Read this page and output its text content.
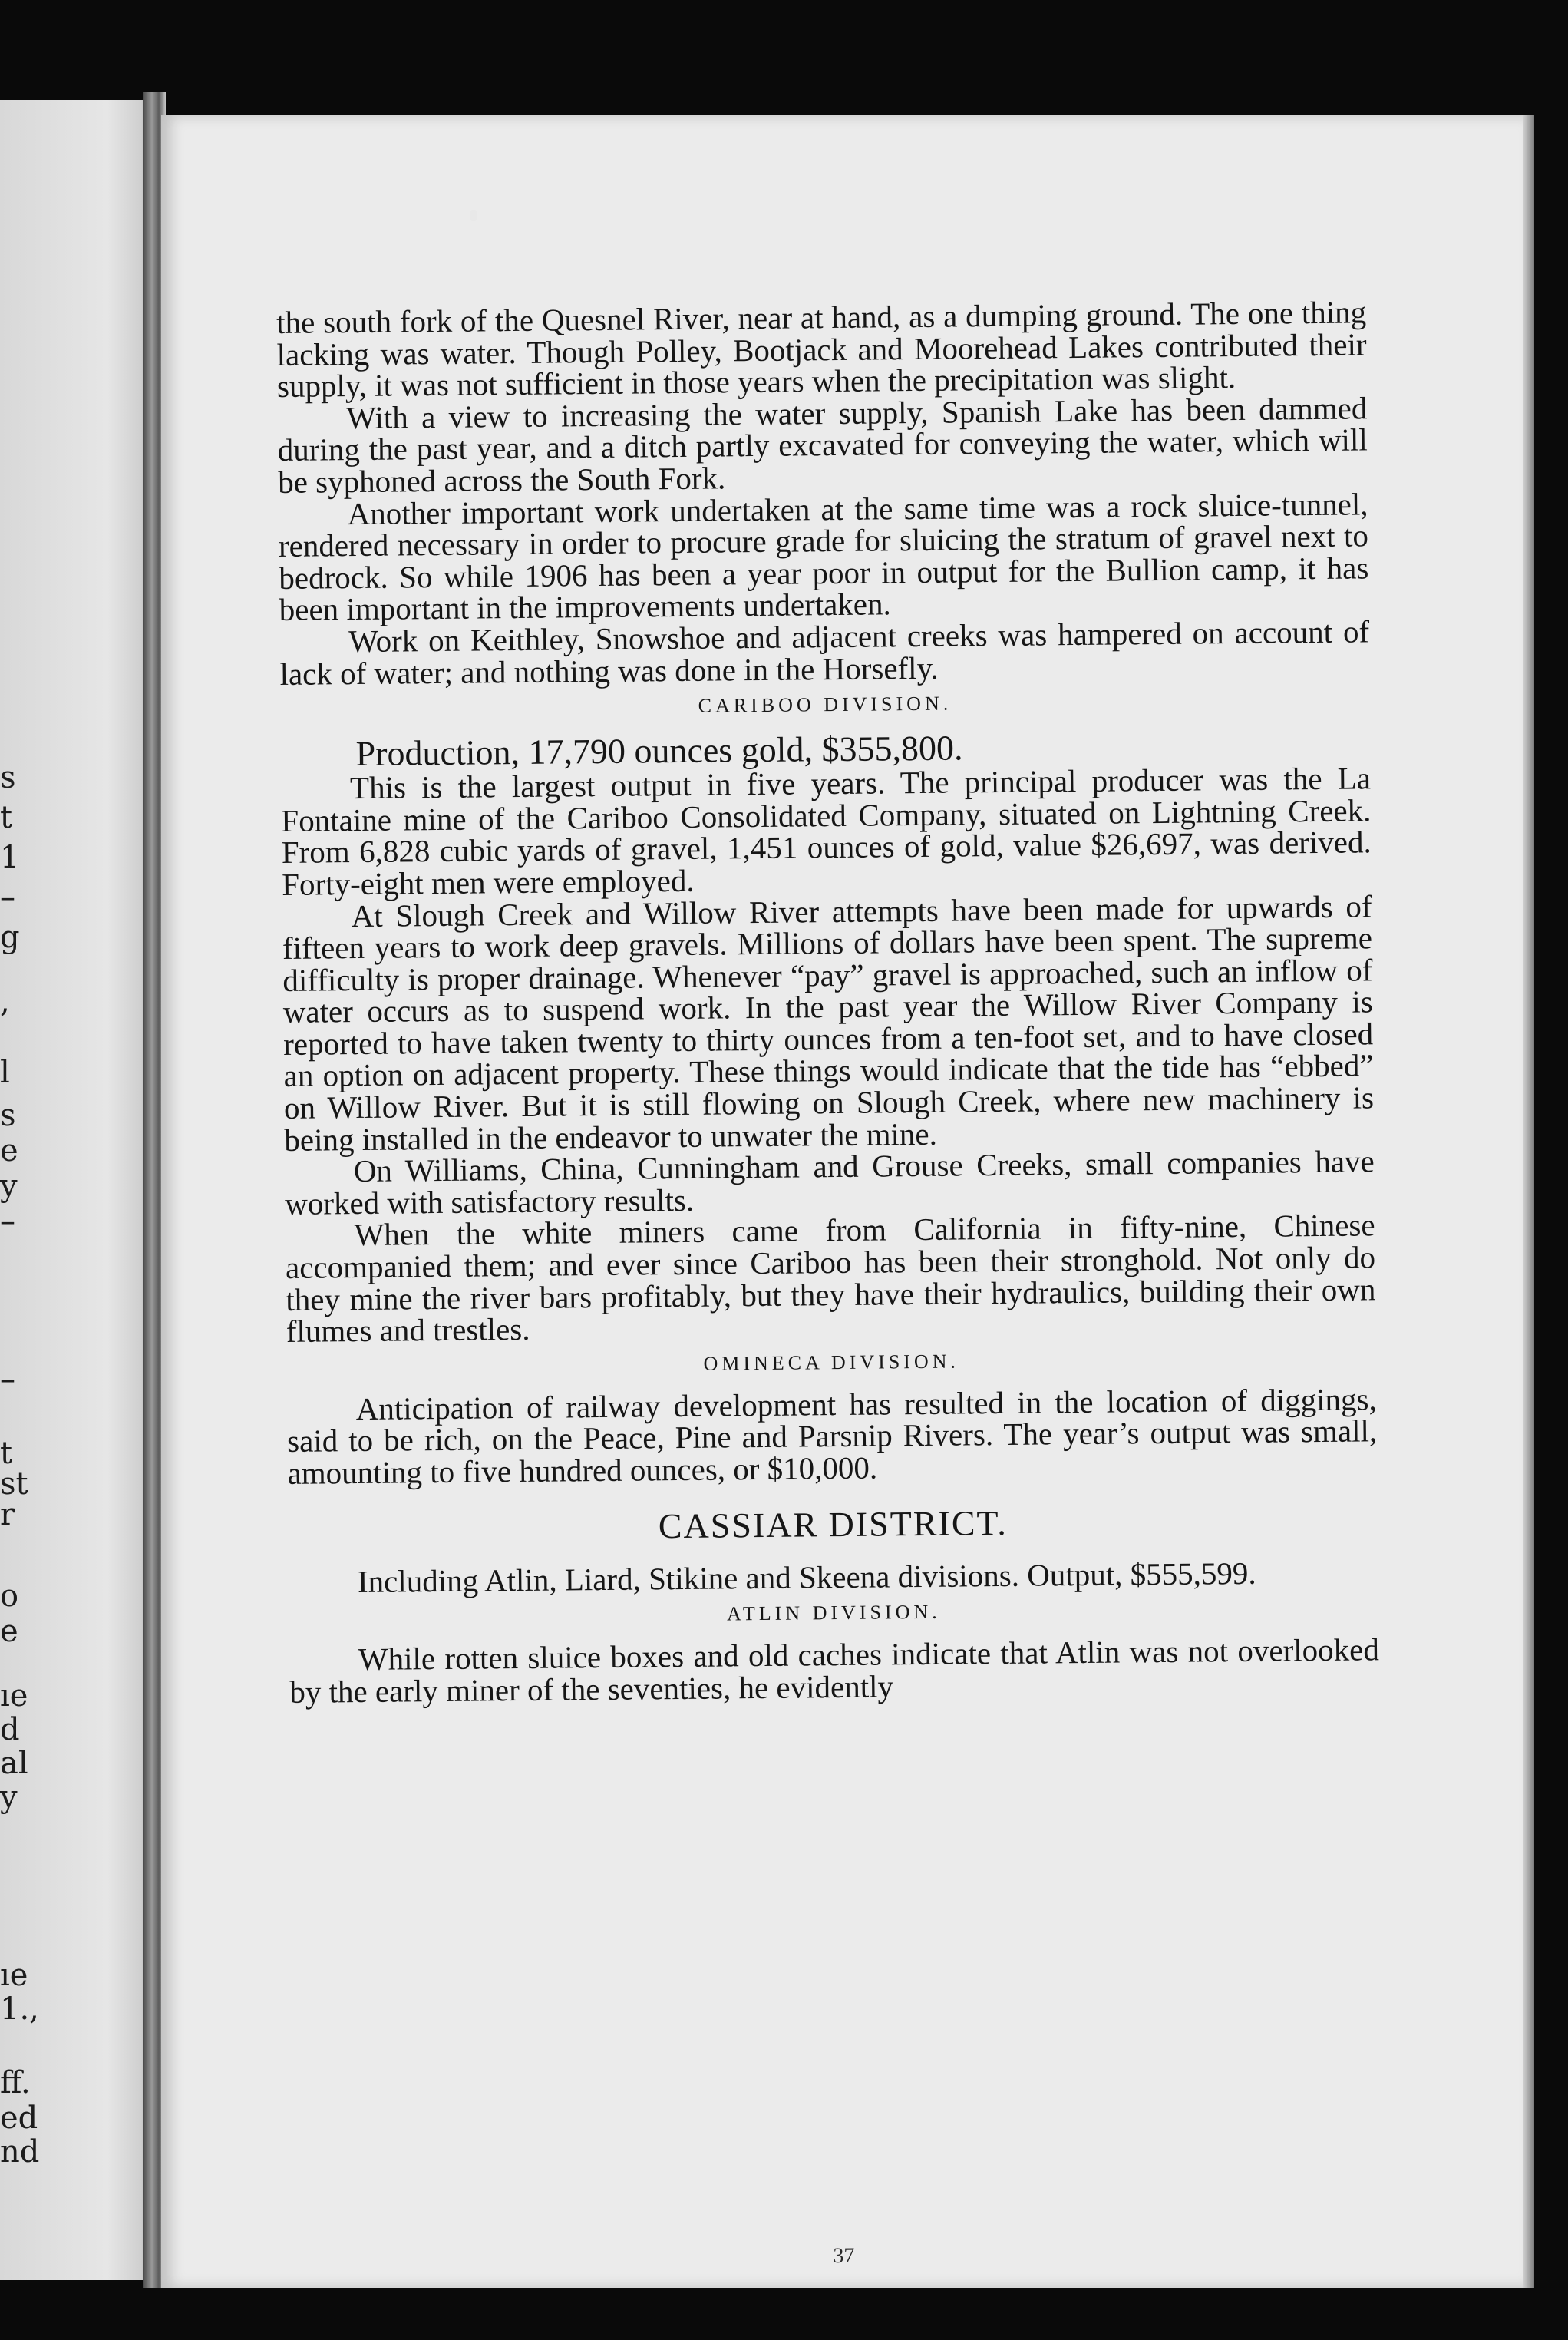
s
t
1
–
g
,
l
s
e
y
–
–
t
st
r
o
e
ıe
d
al
y
ıe
1.,
ff.
ed
nd

the south fork of the Quesnel River, near at hand, as a dumping ground. The one thing lacking was water. Though Polley, Bootjack and Moorehead Lakes contributed their supply, it was not sufficient in those years when the precipitation was slight.

With a view to increasing the water supply, Spanish Lake has been dammed during the past year, and a ditch partly excavated for conveying the water, which will be syphoned across the South Fork.

Another important work undertaken at the same time was a rock sluice-tunnel, rendered necessary in order to procure grade for sluicing the stratum of gravel next to bedrock. So while 1906 has been a year poor in output for the Bullion camp, it has been important in the improvements undertaken.

Work on Keithley, Snowshoe and adjacent creeks was hampered on account of lack of water; and nothing was done in the Horsefly.

CARIBOO DIVISION.

Production, 17,790 ounces gold, $355,800.

This is the largest output in five years. The principal producer was the La Fontaine mine of the Cariboo Consolidated Company, situated on Lightning Creek. From 6,828 cubic yards of gravel, 1,451 ounces of gold, value $26,697, was derived. Forty-eight men were employed.

At Slough Creek and Willow River attempts have been made for upwards of fifteen years to work deep gravels. Millions of dollars have been spent. The supreme difficulty is proper drainage. Whenever “pay” gravel is approached, such an inflow of water occurs as to suspend work. In the past year the Willow River Company is reported to have taken twenty to thirty ounces from a ten-foot set, and to have closed an option on adjacent property. These things would indicate that the tide has “ebbed” on Willow River. But it is still flowing on Slough Creek, where new machinery is being installed in the endeavor to unwater the mine.

On Williams, China, Cunningham and Grouse Creeks, small companies have worked with satisfactory results.

When the white miners came from California in fifty-nine, Chinese accompanied them; and ever since Cariboo has been their stronghold. Not only do they mine the river bars profitably, but they have their hydraulics, building their own flumes and trestles.

OMINECA DIVISION.

Anticipation of railway development has resulted in the location of diggings, said to be rich, on the Peace, Pine and Parsnip Rivers. The year’s output was small, amounting to five hundred ounces, or $10,000.

CASSIAR DISTRICT.

Including Atlin, Liard, Stikine and Skeena divisions. Output, $555,599.

ATLIN DIVISION.

While rotten sluice boxes and old caches indicate that Atlin was not overlooked by the early miner of the seventies, he evidently

37
